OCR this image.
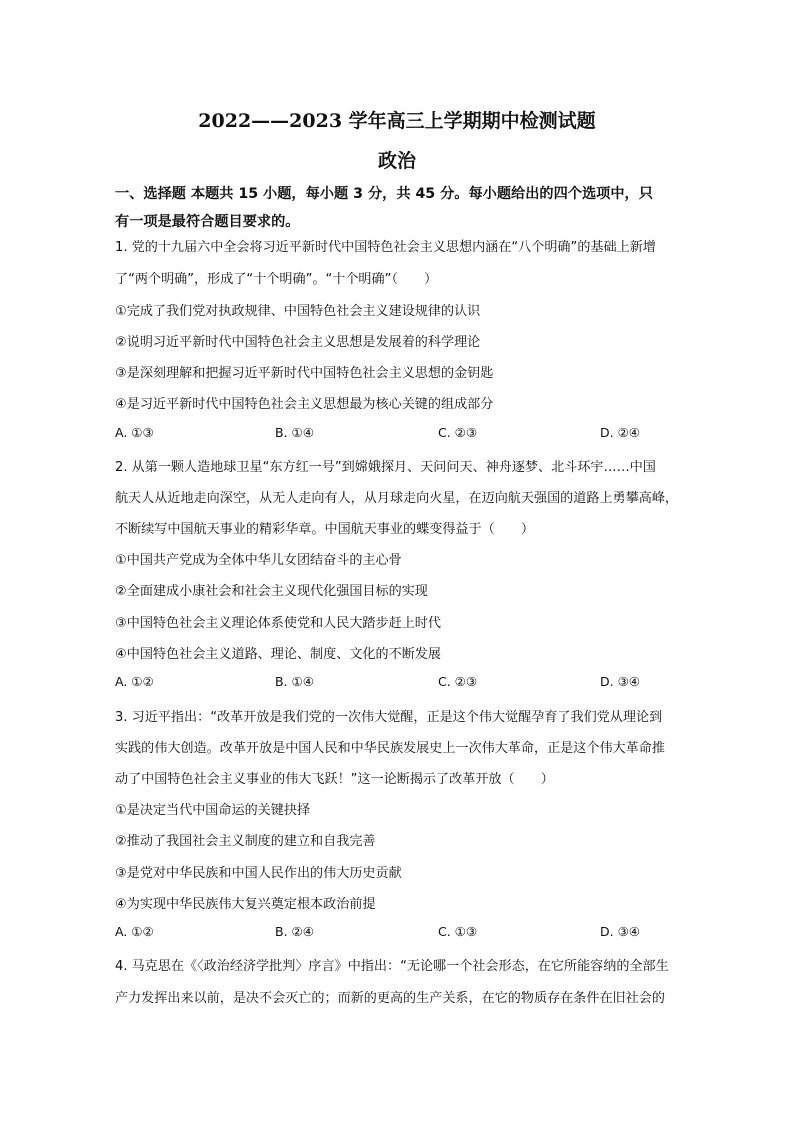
2022——2023 学年高三上学期期中检测试题
政治
一、选择题 本题共 15 小题，每小题 3 分，共 45 分。每小题给出的四个选项中，只
有一项是最符合题目要求的。
1. 党的十九届六中全会将习近平新时代中国特色社会主义思想内涵在“八个明确”的基础上新增
了“两个明确”，形成了“十个明确”。“十个明确”（　　）
①完成了我们党对执政规律、中国特色社会主义建设规律的认识
②说明习近平新时代中国特色社会主义思想是发展着的科学理论
③是深刻理解和把握习近平新时代中国特色社会主义思想的金钥匙
④是习近平新时代中国特色社会主义思想最为核心关键的组成部分
A. ①③	B. ①④	C. ②③	D. ②④
2. 从第一颗人造地球卫星“东方红一号”到嫦娥探月、天问问天、神舟逐梦、北斗环宇……中国
航天人从近地走向深空，从无人走向有人，从月球走向火星，在迈向航天强国的道路上勇攀高峰，
不断续写中国航天事业的精彩华章。中国航天事业的蝶变得益于（　　）
①中国共产党成为全体中华儿女团结奋斗的主心骨
②全面建成小康社会和社会主义现代化强国目标的实现
③中国特色社会主义理论体系使党和人民大踏步赶上时代
④中国特色社会主义道路、理论、制度、文化的不断发展
A. ①②	B. ①④	C. ②③	D. ③④
3. 习近平指出：“改革开放是我们党的一次伟大觉醒，正是这个伟大觉醒孕育了我们党从理论到
实践的伟大创造。改革开放是中国人民和中华民族发展史上一次伟大革命，正是这个伟大革命推
动了中国特色社会主义事业的伟大飞跃！”这一论断揭示了改革开放（　　）
①是决定当代中国命运的关键抉择
②推动了我国社会主义制度的建立和自我完善
③是党对中华民族和中国人民作出的伟大历史贡献
④为实现中华民族伟大复兴奠定根本政治前提
A. ①②	B. ②④	C. ①③	D. ③④
4. 马克思在《〈政治经济学批判〉序言》中指出：“无论哪一个社会形态，在它所能容纳的全部生
产力发挥出来以前，是决不会灭亡的；而新的更高的生产关系，在它的物质存在条件在旧社会的
